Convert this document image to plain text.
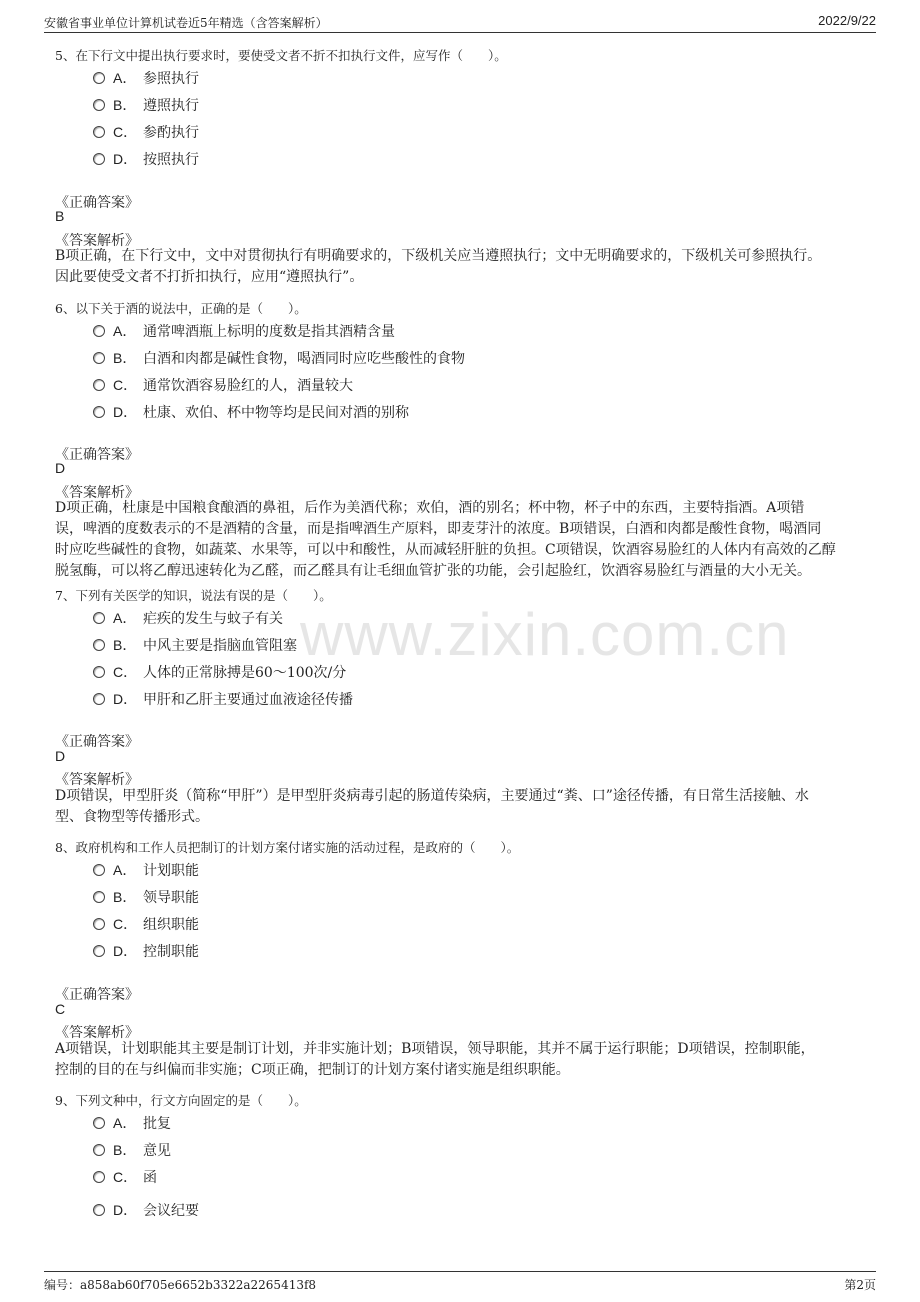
安徽省事业单位计算机试卷近5年精选（含答案解析）	2022/9/22
www.zixin.com.cn
5、在下行文中提出执行要求时，要使受文者不折不扣执行文件，应写作（　　）。
A． 参照执行
B． 遵照执行
C． 参酌执行
D． 按照执行
《正确答案》
B
《答案解析》
B项正确，在下行文中，文中对贯彻执行有明确要求的，下级机关应当遵照执行；文中无明确要求的，下级机关可参照执行。
因此要使受文者不打折扣执行，应用“遵照执行”。
6、以下关于酒的说法中，正确的是（　　）。
A． 通常啤酒瓶上标明的度数是指其酒精含量
B． 白酒和肉都是碱性食物，喝酒同时应吃些酸性的食物
C． 通常饮酒容易脸红的人，酒量较大
D． 杜康、欢伯、杯中物等均是民间对酒的别称
《正确答案》
D
《答案解析》
D项正确，杜康是中国粮食酿酒的鼻祖，后作为美酒代称；欢伯，酒的别名；杯中物，杯子中的东西，主要特指酒。A项错
误，啤酒的度数表示的不是酒精的含量，而是指啤酒生产原料，即麦芽汁的浓度。B项错误，白酒和肉都是酸性食物，喝酒同
时应吃些碱性的食物，如蔬菜、水果等，可以中和酸性，从而减轻肝脏的负担。C项错误，饮酒容易脸红的人体内有高效的乙醇
脱氢酶，可以将乙醇迅速转化为乙醛，而乙醛具有让毛细血管扩张的功能，会引起脸红，饮酒容易脸红与酒量的大小无关。
7、下列有关医学的知识，说法有误的是（　　）。
A． 疟疾的发生与蚊子有关
B． 中风主要是指脑血管阻塞
C． 人体的正常脉搏是60～100次/分
D． 甲肝和乙肝主要通过血液途径传播
《正确答案》
D
《答案解析》
D项错误，甲型肝炎（简称“甲肝”）是甲型肝炎病毒引起的肠道传染病，主要通过“粪、口”途径传播，有日常生活接触、水
型、食物型等传播形式。
8、政府机构和工作人员把制订的计划方案付诸实施的活动过程，是政府的（　　）。
A． 计划职能
B． 领导职能
C． 组织职能
D． 控制职能
《正确答案》
C
《答案解析》
A项错误，计划职能其主要是制订计划，并非实施计划；B项错误，领导职能，其并不属于运行职能；D项错误，控制职能，
控制的目的在与纠偏而非实施；C项正确，把制订的计划方案付诸实施是组织职能。
9、下列文种中，行文方向固定的是（　　）。
A． 批复
B． 意见
C． 函
D． 会议纪要
编号：a858ab60f705e6652b3322a2265413f8	第2页
